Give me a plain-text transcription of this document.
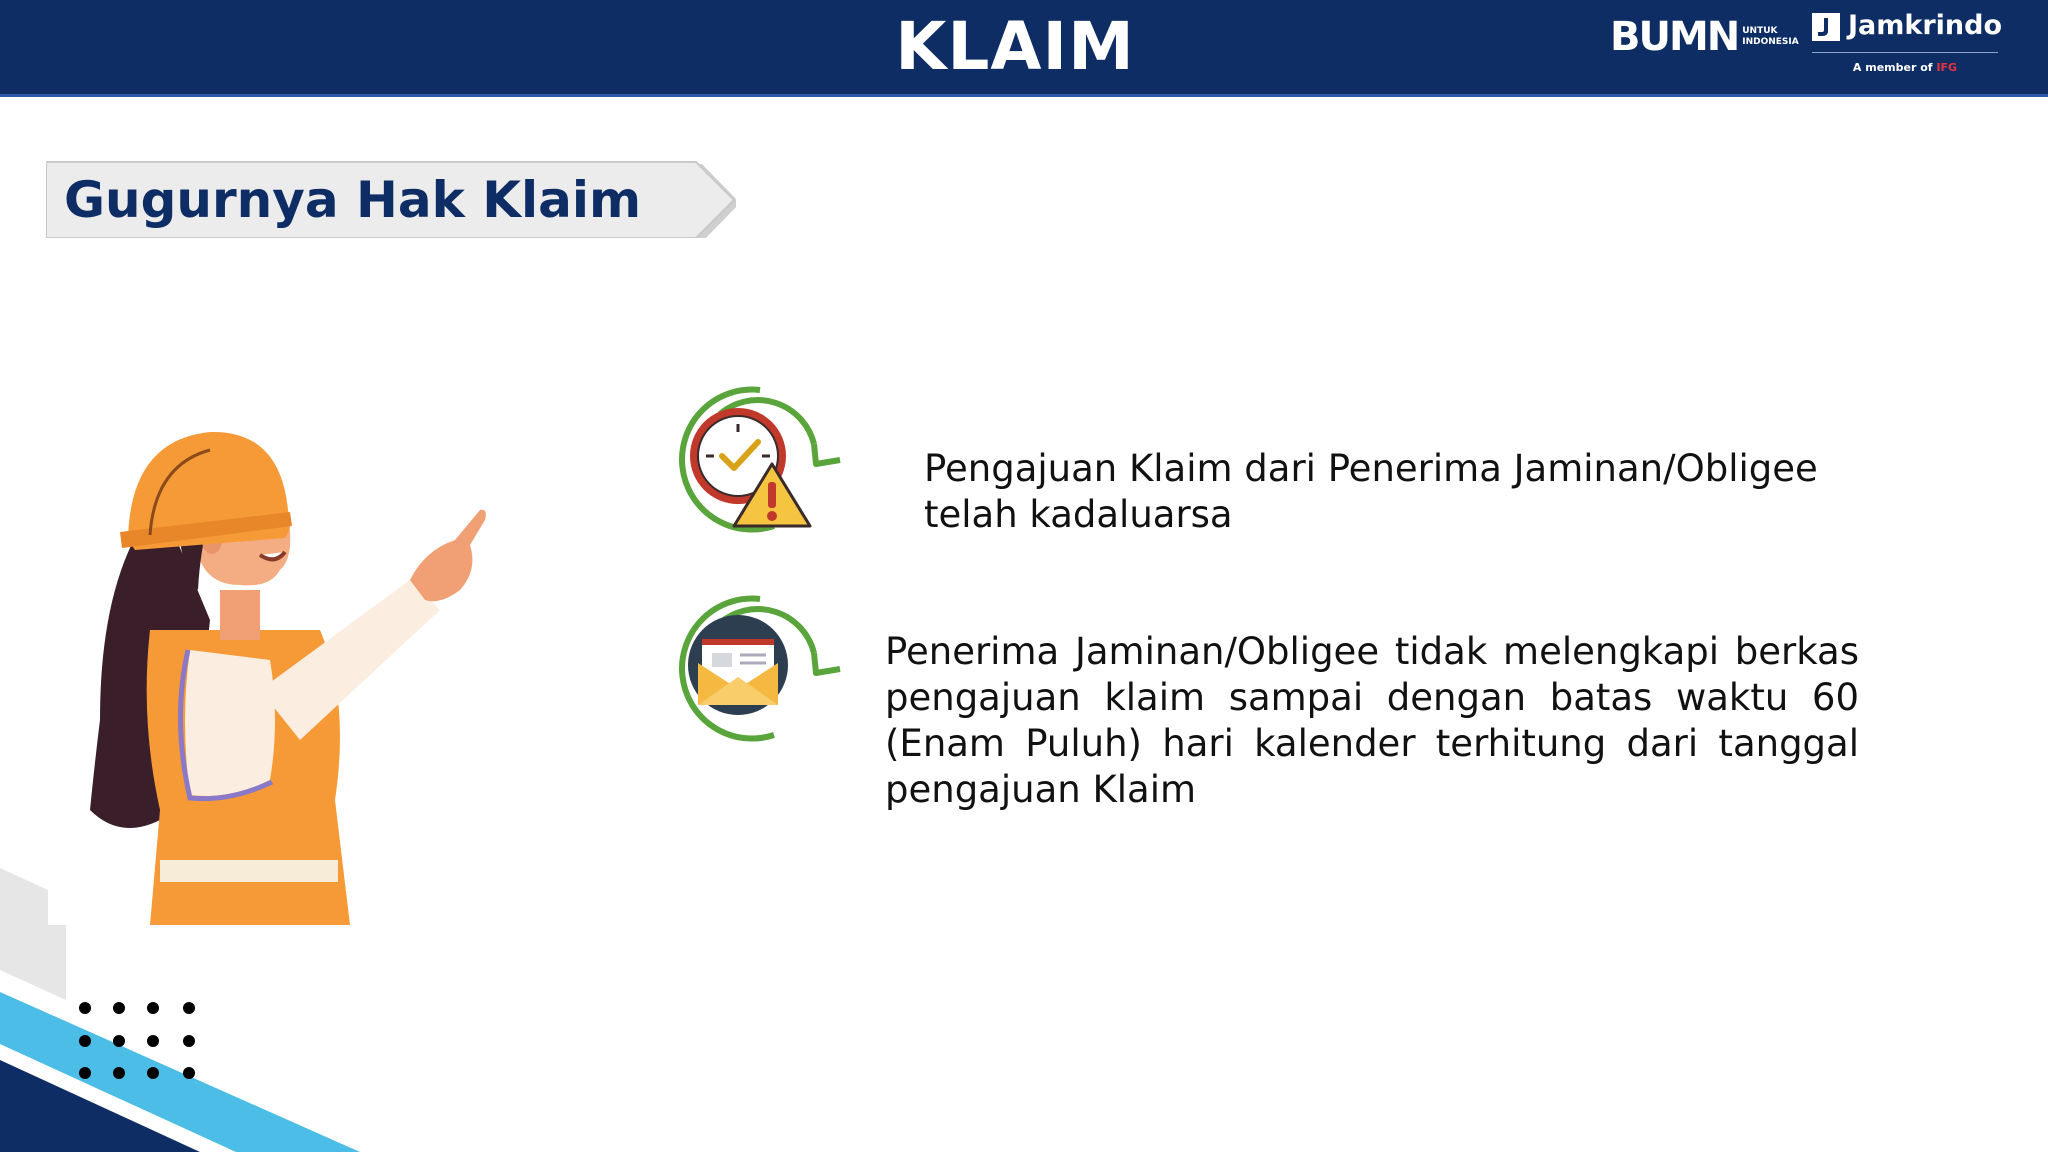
KLAIM	BUMN UNTUK
INDONESIA
Jamkrindo
A member of IFG
Gugurnya Hak Klaim
Pengajuan Klaim dari Penerima Jaminan/Obligee telah kadaluarsa
Penerima Jaminan/Obligee tidak melengkapi berkas pengajuan klaim sampai dengan batas waktu 60 (Enam Puluh) hari kalender terhitung dari tanggal pengajuan Klaim
